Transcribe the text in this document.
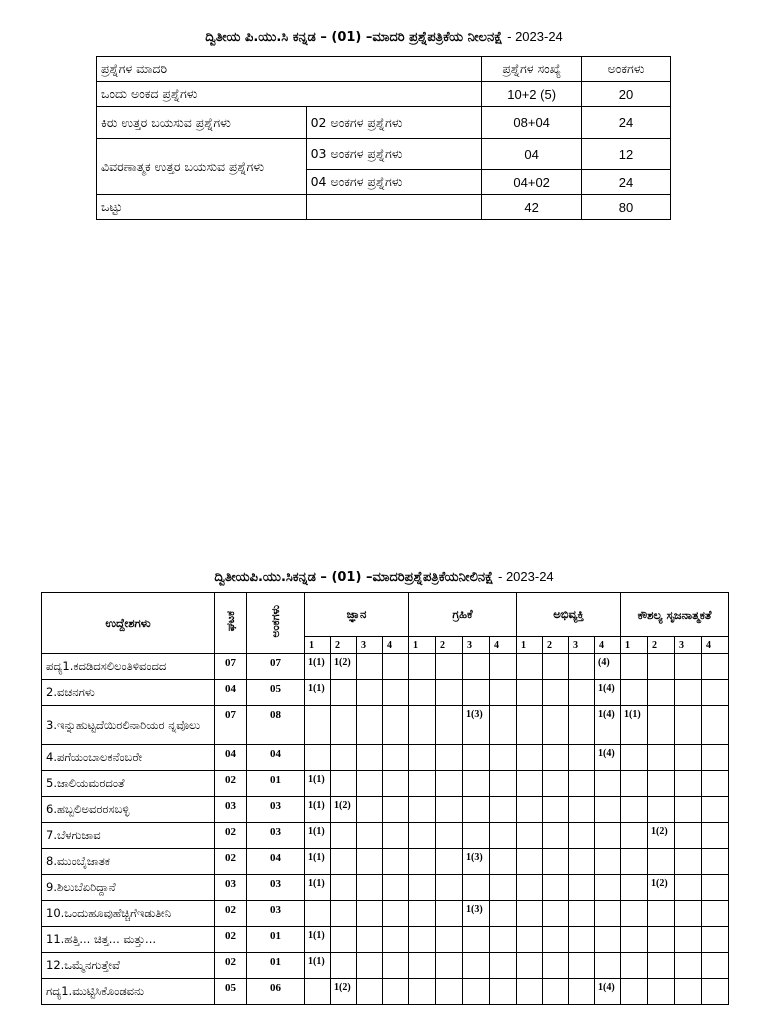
ದ್ವಿತೀಯ ಪಿ.ಯು.ಸಿ ಕನ್ನಡ – (01) –ಮಾದರಿ ಪ್ರಶ್ನೆಪತ್ರಿಕೆಯ ನೀಲನಕ್ಷೆ - 2023-24
ಪ್ರಶ್ನೆಗಳ ಮಾದರಿ		ಪ್ರಶ್ನೆಗಳ ಸಂಖ್ಯೆ	ಅಂಕಗಳು
ಒಂದು ಅಂಕದ ಪ್ರಶ್ನೆಗಳು		10+2 (5)	20
ಕಿರು ಉತ್ತರ ಬಯಸುವ ಪ್ರಶ್ನೆಗಳು	02 ಅಂಕಗಳ ಪ್ರಶ್ನೆಗಳು	08+04	24
ವಿವರಣಾತ್ಮಕ ಉತ್ತರ ಬಯಸುವ ಪ್ರಶ್ನೆಗಳು	03 ಅಂಕಗಳ ಪ್ರಶ್ನೆಗಳು	04	12
	04 ಅಂಕಗಳ ಪ್ರಶ್ನೆಗಳು	04+02	24
ಒಟ್ಟು		42	80
ದ್ವಿತೀಯಪಿ.ಯು.ಸಿಕನ್ನಡ – (01) –ಮಾದರಿಪ್ರಶ್ನೆಪತ್ರಿಕೆಯನೀಲಿನಕ್ಷೆ - 2023-24
ಉದ್ದೇಶಗಳು	ಘಟಕ	ಅಂಕಗಳು	ಜ್ಞಾನ				ಗ್ರಹಿಕೆ				ಅಭಿವ್ಯಕ್ತಿ				ಕೌಶಲ್ಯ ಸೃಜನಾತ್ಮಕತೆ			
			1	2	3	4	1	2	3	4	1	2	3	4	1	2	3	4
ಪದ್ಯ1.ಕದಡಿದಸಲಿಲಂತಿಳಿವಂದದ	07	07	1(1)	1(2)										(4)				
2.ವಚನಗಳು	04	05	1(1)											1(4)				
3.ಇನ್ನುಹುಟ್ಟದೆಯಿರಲಿನಾರಿಯರ ನ್ನವೊಲು	07	08							1(3)					1(4)	1(1)			
4.ಪಗೆಯಂಬಾಲಕನೆಂಬರೇ	04	04												1(4)				
5.ಜಾಲಿಯಮರದಂತೆ	02	01	1(1)															
6.ಹಬ್ಬಲಿಅವರರಸಬಳ್ಳಿ	03	03	1(1)	1(2)														
7.ಬೆಳಗುಜಾವ	02	03	1(1)													1(2)		
8.ಮುಂಬೈಜಾತಕ	02	04	1(1)						1(3)									
9.ಶಿಲುಬೆಏರಿದ್ದಾನೆ	03	03	1(1)													1(2)		
10.ಒಂದುಹೂವುಹೆಚ್ಚಿಗೆಇಡುತೀನಿ	02	03							1(3)									
11.ಹತ್ತಿ... ಚಿತ್ತ... ಮತ್ತು...	02	01	1(1)															
12.ಒಮ್ಮೆನಗುತ್ತೇವೆ	02	01	1(1)															
ಗದ್ಯ1.ಮುಟ್ಟಿಸಿಕೊಂಡವನು	05	06		1(2)										1(4)				
